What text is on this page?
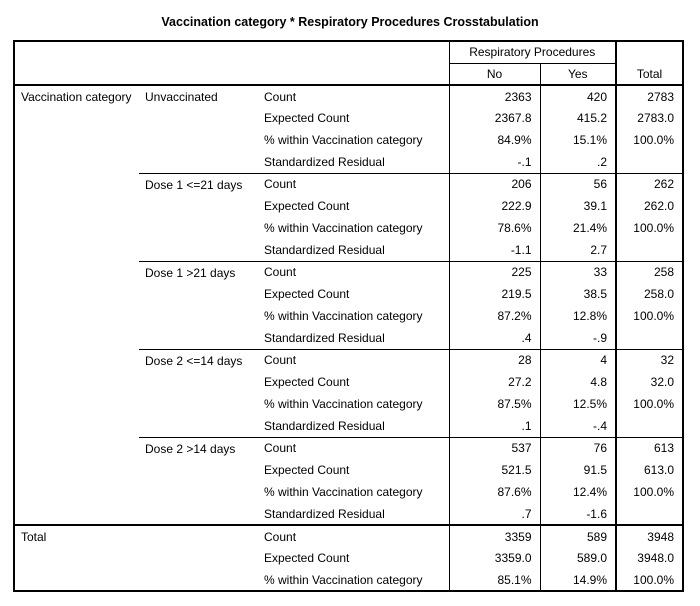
Vaccination category * Respiratory Procedures Crosstabulation
			Respiratory Procedures		Total
			No	Yes	
Vaccination category	Unvaccinated	Count	2363	420	2783
		Expected Count	2367.8	415.2	2783.0
		% within Vaccination category	84.9%	15.1%	100.0%
		Standardized Residual	-.1	.2	
	Dose 1 <=21 days	Count	206	56	262
		Expected Count	222.9	39.1	262.0
		% within Vaccination category	78.6%	21.4%	100.0%
		Standardized Residual	-1.1	2.7	
	Dose 1 >21 days	Count	225	33	258
		Expected Count	219.5	38.5	258.0
		% within Vaccination category	87.2%	12.8%	100.0%
		Standardized Residual	.4	-.9	
	Dose 2 <=14 days	Count	28	4	32
		Expected Count	27.2	4.8	32.0
		% within Vaccination category	87.5%	12.5%	100.0%
		Standardized Residual	.1	-.4	
	Dose 2 >14 days	Count	537	76	613
		Expected Count	521.5	91.5	613.0
		% within Vaccination category	87.6%	12.4%	100.0%
		Standardized Residual	.7	-1.6	
Total		Count	3359	589	3948
		Expected Count	3359.0	589.0	3948.0
		% within Vaccination category	85.1%	14.9%	100.0%
